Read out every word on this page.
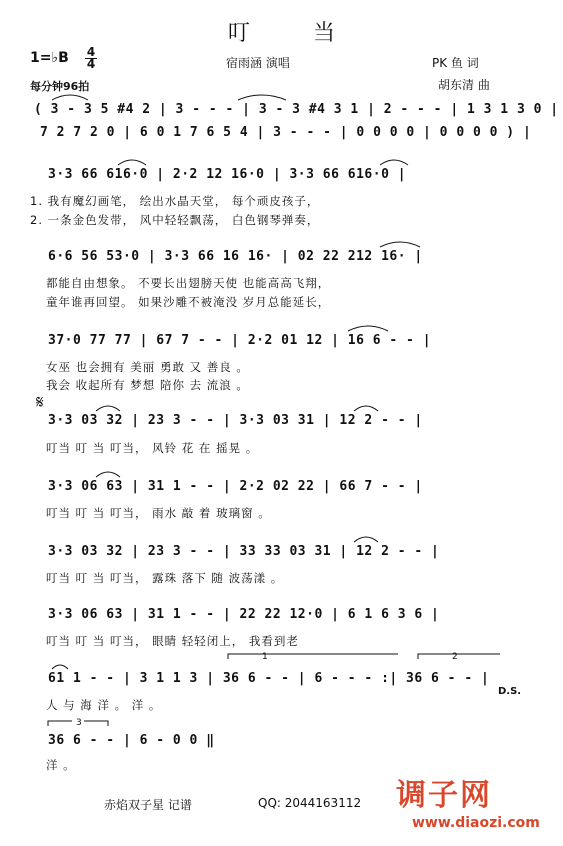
叮 当
1=♭B 4
4
每分钟96拍
宿雨涵 演唱	PK 鱼 词
胡东清 曲
( 3 - 3 5 #4 2 | 3 - - - | 3 - 3 #4 3 1 | 2 - - - | 1 3 1 3 0 |
7 2 7 2 0 | 6 0 1 7 6 5 4 | 3 - - - | 0 0 0 0 | 0 0 0 0 ) |
3·3 66 616·0 | 2·2 12 16·0 | 3·3 66 616·0 |
1. 我有魔幻画笔， 绘出水晶天堂， 每个顽皮孩子，
2. 一条金色发带， 风中轻轻飘荡， 白色钢琴弹奏，
6·6 56 53·0 | 3·3 66 16 16· | 02 22 212 16· |
都能自由想象。 不要长出翅膀天使 也能高高飞翔，
童年谁再回望。 如果沙雕不被淹没 岁月总能延长，
37·0 77 77 | 67 7 - - | 2·2 01 12 | 16 6 - - |
女巫 也会拥有 美丽 勇敢 又 善良 。
我会 收起所有 梦想 陪你 去 流浪 。
𝄋
3·3 03 32 | 23 3 - - | 3·3 03 31 | 12 2 - - |
叮当 叮 当 叮当， 风铃 花 在 摇晃 。
3·3 06 63 | 31 1 - - | 2·2 02 22 | 66 7 - - |
叮当 叮 当 叮当， 雨水 敲 着 玻璃窗 。
3·3 03 32 | 23 3 - - | 33 33 03 31 | 12 2 - - |
叮当 叮 当 叮当， 露珠 落下 随 波荡漾 。
3·3 06 63 | 31 1 - - | 22 22 12·0 | 6 1 6 3 6 |
叮当 叮 当 叮当， 眼睛 轻轻闭上， 我看到老
1	2
61 1 - - | 3 1 1 3 | 36 6 - - | 6 - - - :| 36 6 - - |
人 与 海 洋 。 洋 。
D.S.
3
36 6 - - | 6 - 0 0 ‖
洋 。
赤焰双子星 记谱	QQ: 2044163112 调子网
www.diaozi.com
